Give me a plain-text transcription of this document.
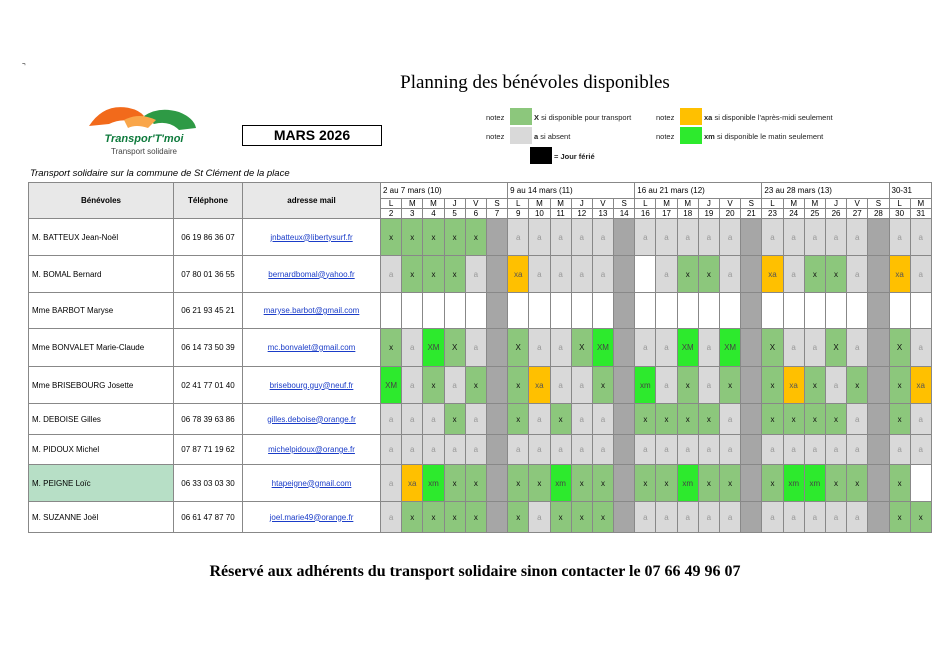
¬
Planning des bénévoles disponibles
Transpor'T'moi
Transport solidaire
MARS 2026
notez	X si disponible pour transport
notez	a si absent
= Jour férié
notez	xa si disponible l'après-midi seulement
notez	xm si disponible le matin seulement
Transport solidaire sur la commune de St Clément de la place
Bénévoles	Téléphone	adresse mail	2 au 7 mars (10)						9 au 14 mars (11)						16 au 21 mars (12)						23 au 28 mars (13)						30-31	
			L	M	M	J	V	S	L	M	M	J	V	S	L	M	M	J	V	S	L	M	M	J	V	S	L	M
			2	3	4	5	6	7	9	10	11	12	13	14	16	17	18	19	20	21	23	24	25	26	27	28	30	31
M. BATTEUX Jean-Noël	06 19 86 36 07	jnbatteux@libertysurf.fr	x	x	x	x	x		a	a	a	a	a		a	a	a	a	a		a	a	a	a	a		a	a
M. BOMAL Bernard	07 80 01 36 55	bernardbomal@yahoo.fr	a	x	x	x	a		xa	a	a	a	a			a	x	x	a		xa	a	x	x	a		xa	a
Mme BARBOT Maryse	06 21 93 45 21	maryse.barbot@gmail.com																										
Mme BONVALET Marie-Claude	06 14 73 50 39	mc.bonvalet@gmail.com	x	a	XM	X	a		X	a	a	X	XM		a	a	XM	a	XM		X	a	a	X	a		X	a
Mme BRISEBOURG Josette	02 41 77 01 40	brisebourg.guy@neuf.fr	XM	a	x	a	x		x	xa	a	a	x		xm	a	x	a	x		x	xa	x	a	x		x	xa
M. DEBOISE Gilles	06 78 39 63 86	gilles.deboise@orange.fr	a	a	a	x	a		x	a	x	a	a		x	x	x	x	a		x	x	x	x	a		x	a
M. PIDOUX Michel	07 87 71 19 62	michelpidoux@orange.fr	a	a	a	a	a		a	a	a	a	a		a	a	a	a	a		a	a	a	a	a		a	a
M. PEIGNE Loïc	06 33 03 03 30	htapeigne@gmail.com	a	xa	xm	x	x		x	x	xm	x	x		x	x	xm	x	x		x	xm	xm	x	x		x	
M. SUZANNE Joël	06 61 47 87 70	joel.marie49@orange.fr	a	x	x	x	x		x	a	x	x	x		a	a	a	a	a		a	a	a	a	a		x	x
Réservé aux adhérents du transport solidaire sinon contacter le 07 66 49 96 07
